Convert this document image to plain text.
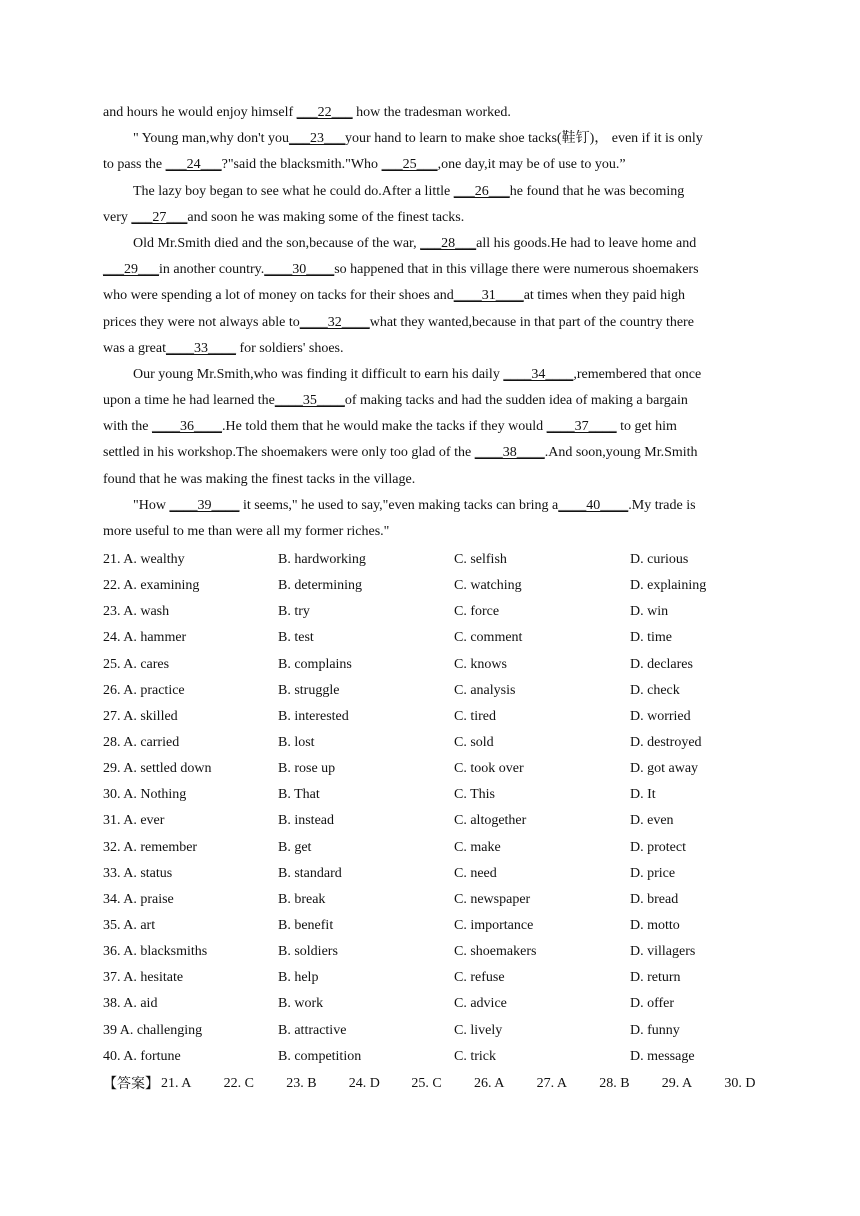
and hours he would enjoy himself ___22___ how the tradesman worked.
" Young man,why don't you___23___your hand to learn to make shoe tacks(鞋钉)， even if it is only
to pass the ___24___?"said the blacksmith."Who ___25___,one day,it may be of use to you.”
The lazy boy began to see what he could do.After a little ___26___he found that he was becoming
very ___27___and soon he was making some of the finest tacks.
Old Mr.Smith died and the son,because of the war, ___28___all his goods.He had to leave home and
___29___in another country.____30____so happened that in this village there were numerous shoemakers
who were spending a lot of money on tacks for their shoes and____31____at times when they paid high
prices they were not always able to____32____what they wanted,because in that part of the country there
was a great____33____ for soldiers' shoes.
Our young Mr.Smith,who was finding it difficult to earn his daily ____34____,remembered that once
upon a time he had learned the____35____of making tacks and had the sudden idea of making a bargain
with the ____36____.He told them that he would make the tacks if they would ____37____ to get him
settled in his workshop.The shoemakers were only too glad of the ____38____.And soon,young Mr.Smith
found that he was making the finest tacks in the village.
"How ____39____ it seems," he used to say,"even making tacks can bring a____40____.My trade is
more useful to me than were all my former riches."
21. A. wealthy	B. hardworking	C. selfish	D. curious
22. A. examining	B. determining	C. watching	D. explaining
23. A. wash	B. try	C. force	D. win
24. A. hammer	B. test	C. comment	D. time
25. A. cares	B. complains	C. knows	D. declares
26. A. practice	B. struggle	C. analysis	D. check
27. A. skilled	B. interested	C. tired	D. worried
28. A. carried	B. lost	C. sold	D. destroyed
29. A. settled down	B. rose up	C. took over	D. got away
30. A. Nothing	B. That	C. This	D. It
31. A. ever	B. instead	C. altogether	D. even
32. A. remember	B. get	C. make	D. protect
33. A. status	B. standard	C. need	D. price
34. A. praise	B. break	C. newspaper	D. bread
35. A. art	B. benefit	C. importance	D. motto
36. A. blacksmiths	B. soldiers	C. shoemakers	D. villagers
37. A. hesitate	B. help	C. refuse	D. return
38. A. aid	B. work	C. advice	D. offer
39 A. challenging	B. attractive	C. lively	D. funny
40. A. fortune	B. competition	C. trick	D. message
【答案】 21. A 22. C 23. B 24. D 25. C 26. A 27. A 28. B 29. A 30. D
